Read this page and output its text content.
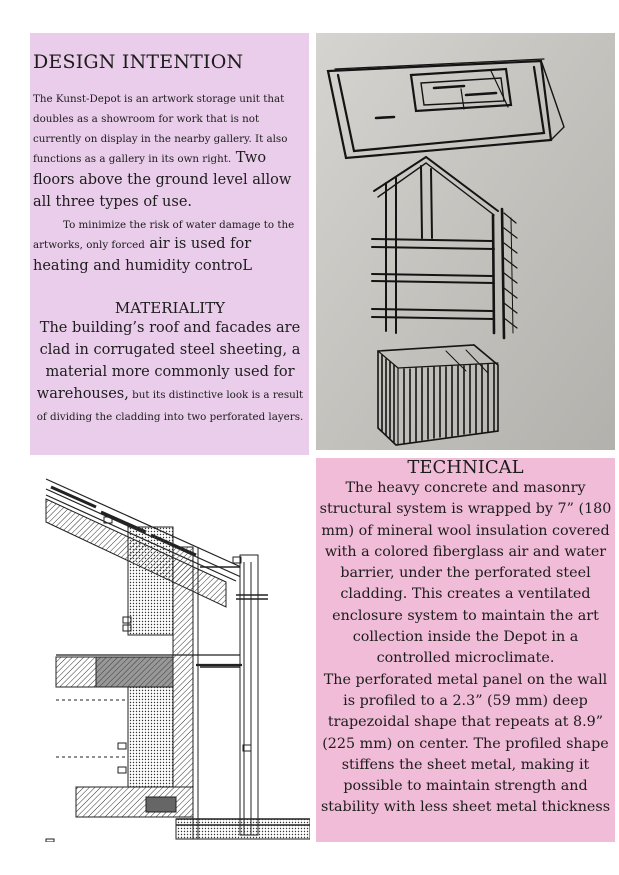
DESIGN INTENTION

The Kunst-Depot is an artwork storage unit that doubles as a showroom for work that is not currently on display in the nearby gallery. It also functions as a gallery in its own right. Two floors above the ground level allow all three types of use.

To minimize the risk of water damage to the artworks, only forced air is used for heating and humidity controL

MATERIALITY

The building’s roof and facades are clad in corrugated steel sheeting, a material more commonly used for warehouses, but its distinctive look is a result of dividing the cladding into two perforated layers.

TECHNICAL

The heavy concrete and masonry structural system is wrapped by 7” (180 mm) of mineral wool insulation covered with a colored fiberglass air and water barrier, under the perforated steel cladding. This creates a ventilated enclosure system to maintain the art collection inside the Depot in a controlled microclimate.

The perforated metal panel on the wall is profiled to a 2.3” (59 mm) deep trapezoidal shape that repeats at 8.9” (225 mm) on center. The profiled shape stiffens the sheet metal, making it possible to maintain strength and stability with less sheet metal thickness
